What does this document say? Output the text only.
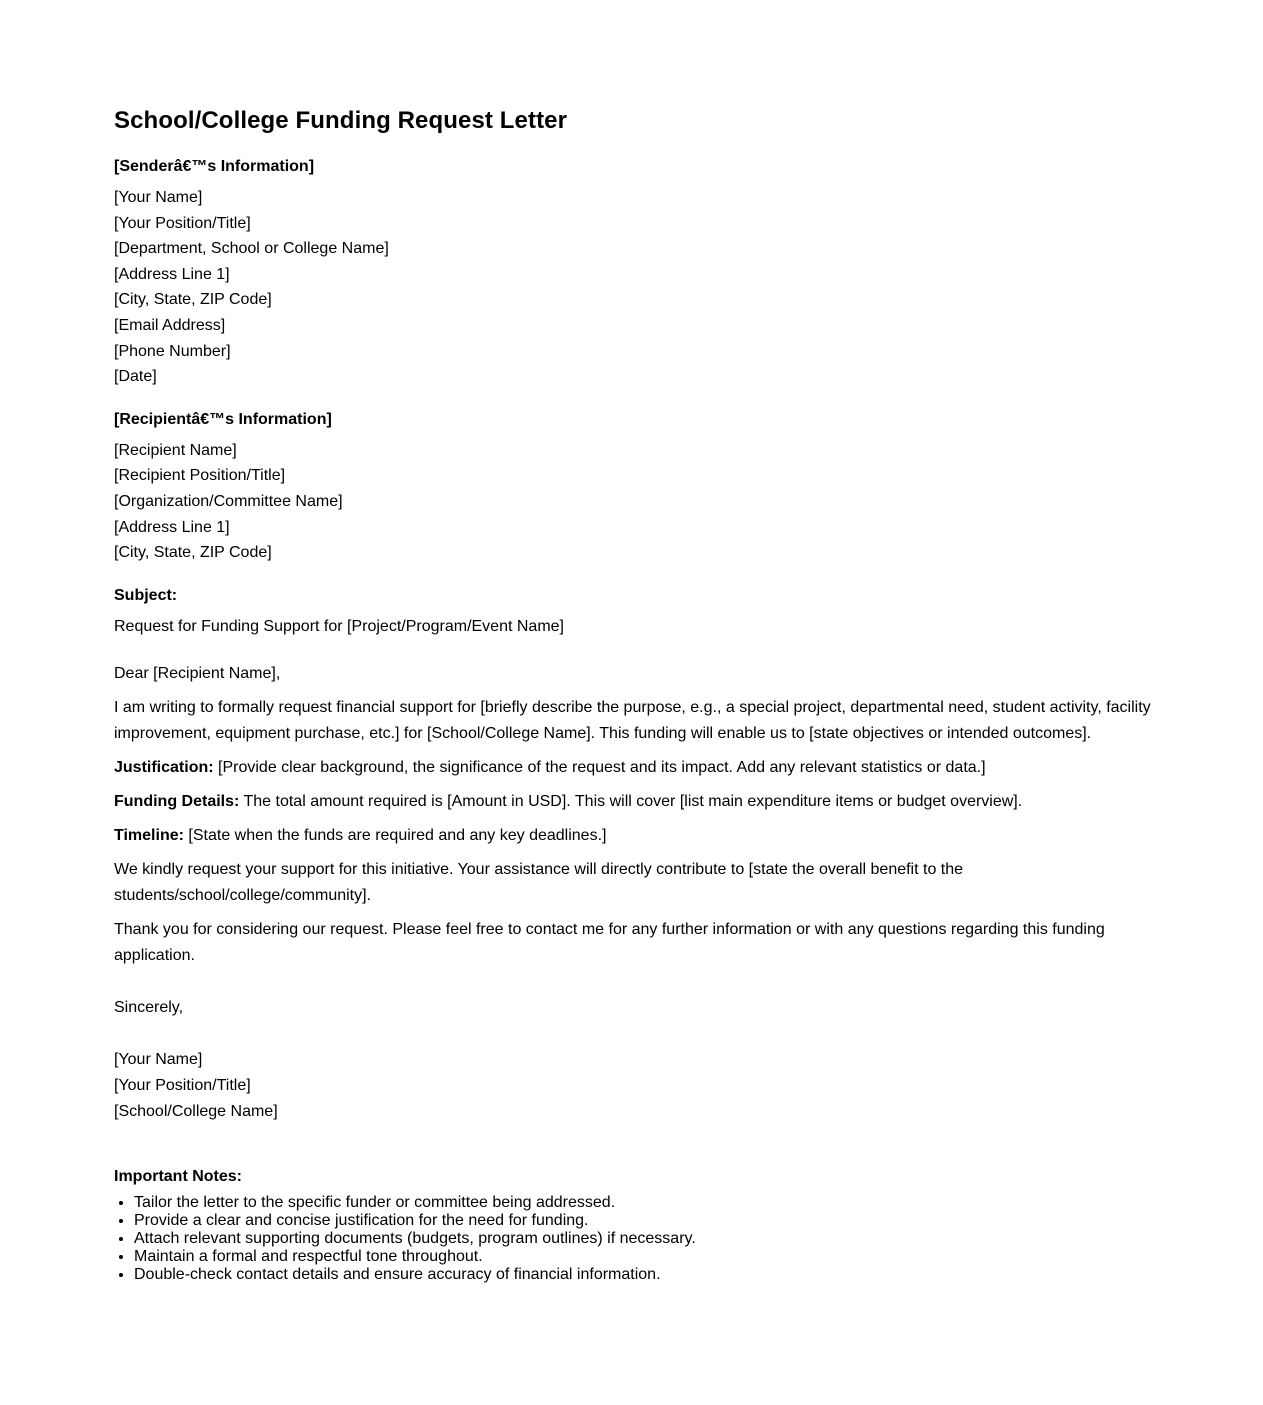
School/College Funding Request Letter
[Senderâ€™s Information]
[Your Name]
[Your Position/Title]
[Department, School or College Name]
[Address Line 1]
[City, State, ZIP Code]
[Email Address]
[Phone Number]
[Date]
[Recipientâ€™s Information]
[Recipient Name]
[Recipient Position/Title]
[Organization/Committee Name]
[Address Line 1]
[City, State, ZIP Code]
Subject:
Request for Funding Support for [Project/Program/Event Name]

Dear [Recipient Name],

I am writing to formally request financial support for [briefly describe the purpose, e.g., a special project, departmental need, student activity, facility improvement, equipment purchase, etc.] for [School/College Name]. This funding will enable us to [state objectives or intended outcomes].

Justification: [Provide clear background, the significance of the request and its impact. Add any relevant statistics or data.]

Funding Details: The total amount required is [Amount in USD]. This will cover [list main expenditure items or budget overview].

Timeline: [State when the funds are required and any key deadlines.]

We kindly request your support for this initiative. Your assistance will directly contribute to [state the overall benefit to the students/school/college/community].

Thank you for considering our request. Please feel free to contact me for any further information or with any questions regarding this funding application.

Sincerely,

[Your Name]
[Your Position/Title]
[School/College Name]
Important Notes:
• Tailor the letter to the specific funder or committee being addressed.
• Provide a clear and concise justification for the need for funding.
• Attach relevant supporting documents (budgets, program outlines) if necessary.
• Maintain a formal and respectful tone throughout.
• Double-check contact details and ensure accuracy of financial information.
